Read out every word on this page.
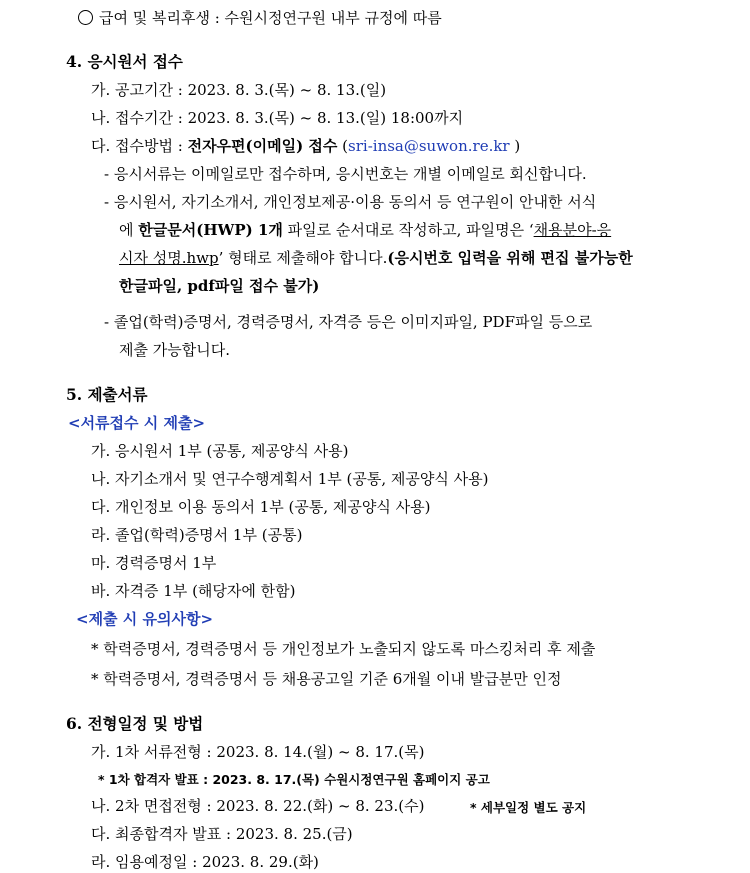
급여 및 복리후생 : 수원시정연구원 내부 규정에 따름
4. 응시원서 접수
가. 공고기간 : 2023. 8. 3.(목) ~ 8. 13.(일)
나. 접수기간 : 2023. 8. 3.(목) ~ 8. 13.(일) 18:00까지
다. 접수방법 : 전자우편(이메일) 접수 (sri-insa@suwon.re.kr )
- 응시서류는 이메일로만 접수하며, 응시번호는 개별 이메일로 회신합니다.
- 응시원서, 자기소개서, 개인정보제공·이용 동의서 등 연구원이 안내한 서식
에 한글문서(HWP) 1개 파일로 순서대로 작성하고, 파일명은 ‘채용분야-응
시자 성명.hwp’ 형태로 제출해야 합니다.(응시번호 입력을 위해 편집 불가능한
한글파일, pdf파일 접수 불가)
- 졸업(학력)증명서, 경력증명서, 자격증 등은 이미지파일, PDF파일 등으로
제출 가능합니다.
5. 제출서류
<서류접수 시 제출>
가. 응시원서 1부 (공통, 제공양식 사용)
나. 자기소개서 및 연구수행계획서 1부 (공통, 제공양식 사용)
다. 개인정보 이용 동의서 1부 (공통, 제공양식 사용)
라. 졸업(학력)증명서 1부 (공통)
마. 경력증명서 1부
바. 자격증 1부 (해당자에 한함)
<제출 시 유의사항>
* 학력증명서, 경력증명서 등 개인정보가 노출되지 않도록 마스킹처리 후 제출
* 학력증명서, 경력증명서 등 채용공고일 기준 6개월 이내 발급분만 인정
6. 전형일정 및 방법
가. 1차 서류전형 : 2023. 8. 14.(월) ~ 8. 17.(목)
* 1차 합격자 발표 : 2023. 8. 17.(목) 수원시정연구원 홈페이지 공고
나. 2차 면접전형 : 2023. 8. 22.(화) ~ 8. 23.(수)	* 세부일정 별도 공지
다. 최종합격자 발표 : 2023. 8. 25.(금)
라. 임용예정일 : 2023. 8. 29.(화)
